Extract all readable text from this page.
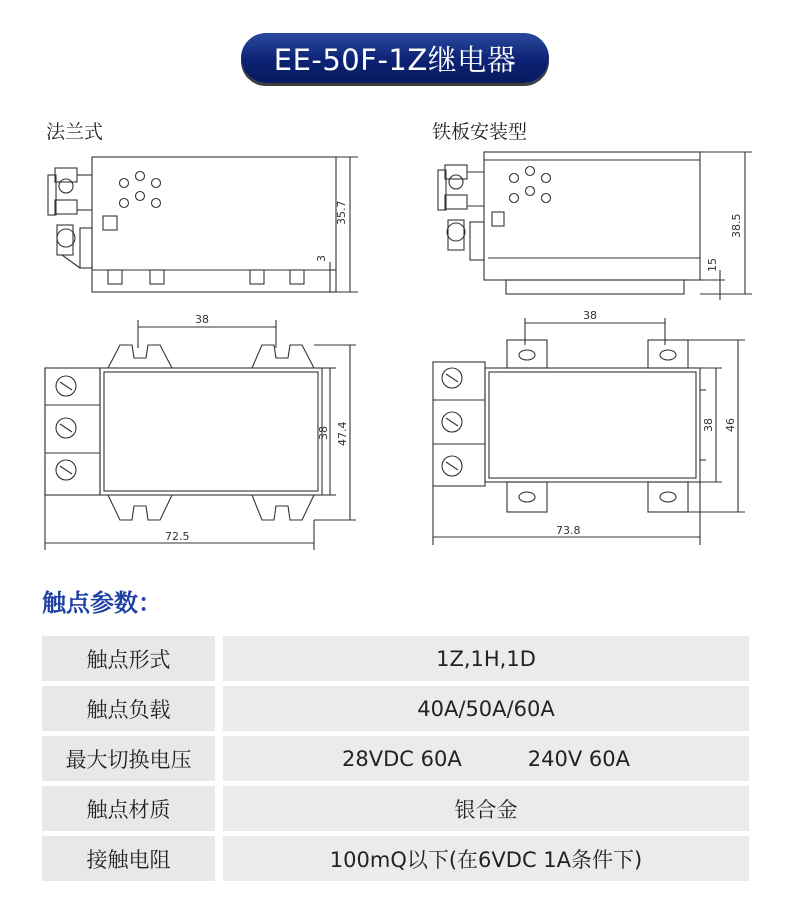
EE-50F-1Z继电器
法兰式	铁板安装型
35.7
3
38
38 47.4
72.5
38.5
15
38
38 46
73.8
触点参数：
触点形式	1Z,1H,1D
触点负载	40A/50A/60A
最大切换电压	28VDC 60A	240V 60A
触点材质	银合金
接触电阻	100mQ以下(在6VDC 1A条件下)
